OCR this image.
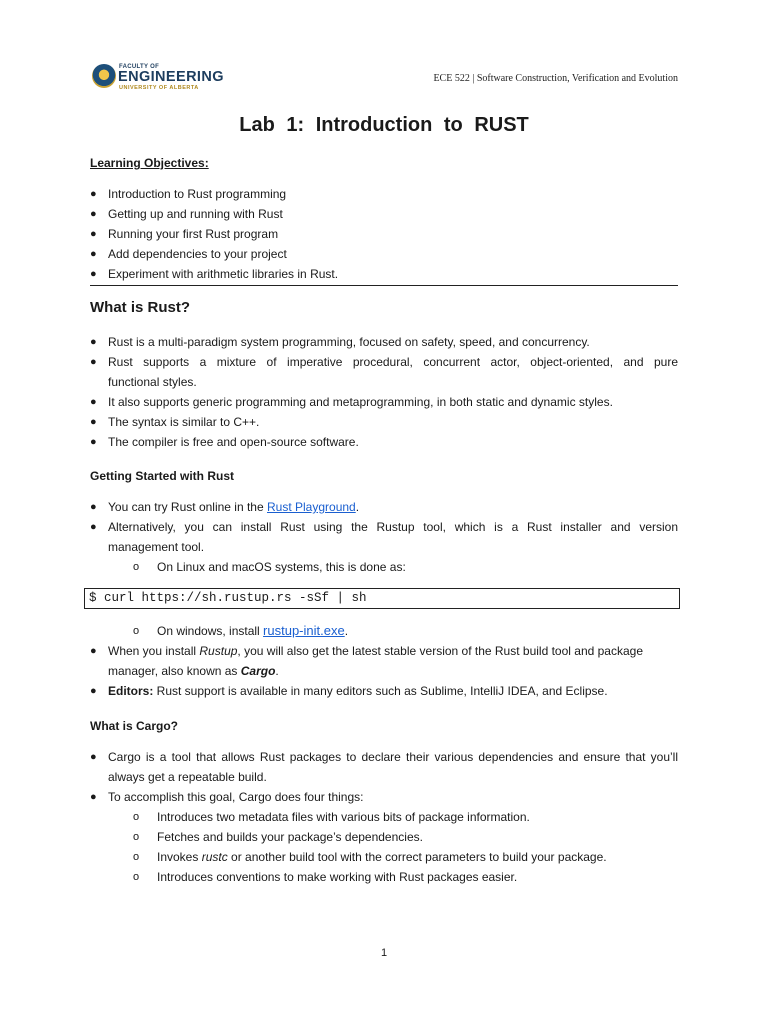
FACULTY OF
ENGINEERING
UNIVERSITY OF ALBERTA
ECE 522 | Software Construction, Verification and Evolution
Lab 1: Introduction to RUST
Learning Objectives:
● Introduction to Rust programming
● Getting up and running with Rust
● Running your first Rust program
● Add dependencies to your project
● Experiment with arithmetic libraries in Rust.
What is Rust?
● Rust is a multi-paradigm system programming, focused on safety, speed, and concurrency.
● Rust supports a mixture of imperative procedural, concurrent actor, object-oriented, and pure
functional styles.
● It also supports generic programming and metaprogramming, in both static and dynamic styles.
● The syntax is similar to C++.
● The compiler is free and open-source software.
Getting Started with Rust
● You can try Rust online in the Rust Playground.
● Alternatively, you can install Rust using the Rustup tool, which is a Rust installer and version
management tool.
o On Linux and macOS systems, this is done as:
$ curl https://sh.rustup.rs -sSf | sh
o On windows, install rustup-init.exe.
● When you install Rustup, you will also get the latest stable version of the Rust build tool and package
manager, also known as Cargo.
● Editors: Rust support is available in many editors such as Sublime, IntelliJ IDEA, and Eclipse.
What is Cargo?
● Cargo is a tool that allows Rust packages to declare their various dependencies and ensure that you’ll
always get a repeatable build.
● To accomplish this goal, Cargo does four things:
o Introduces two metadata files with various bits of package information.
o Fetches and builds your package’s dependencies.
o Invokes rustc or another build tool with the correct parameters to build your package.
o Introduces conventions to make working with Rust packages easier.
1
